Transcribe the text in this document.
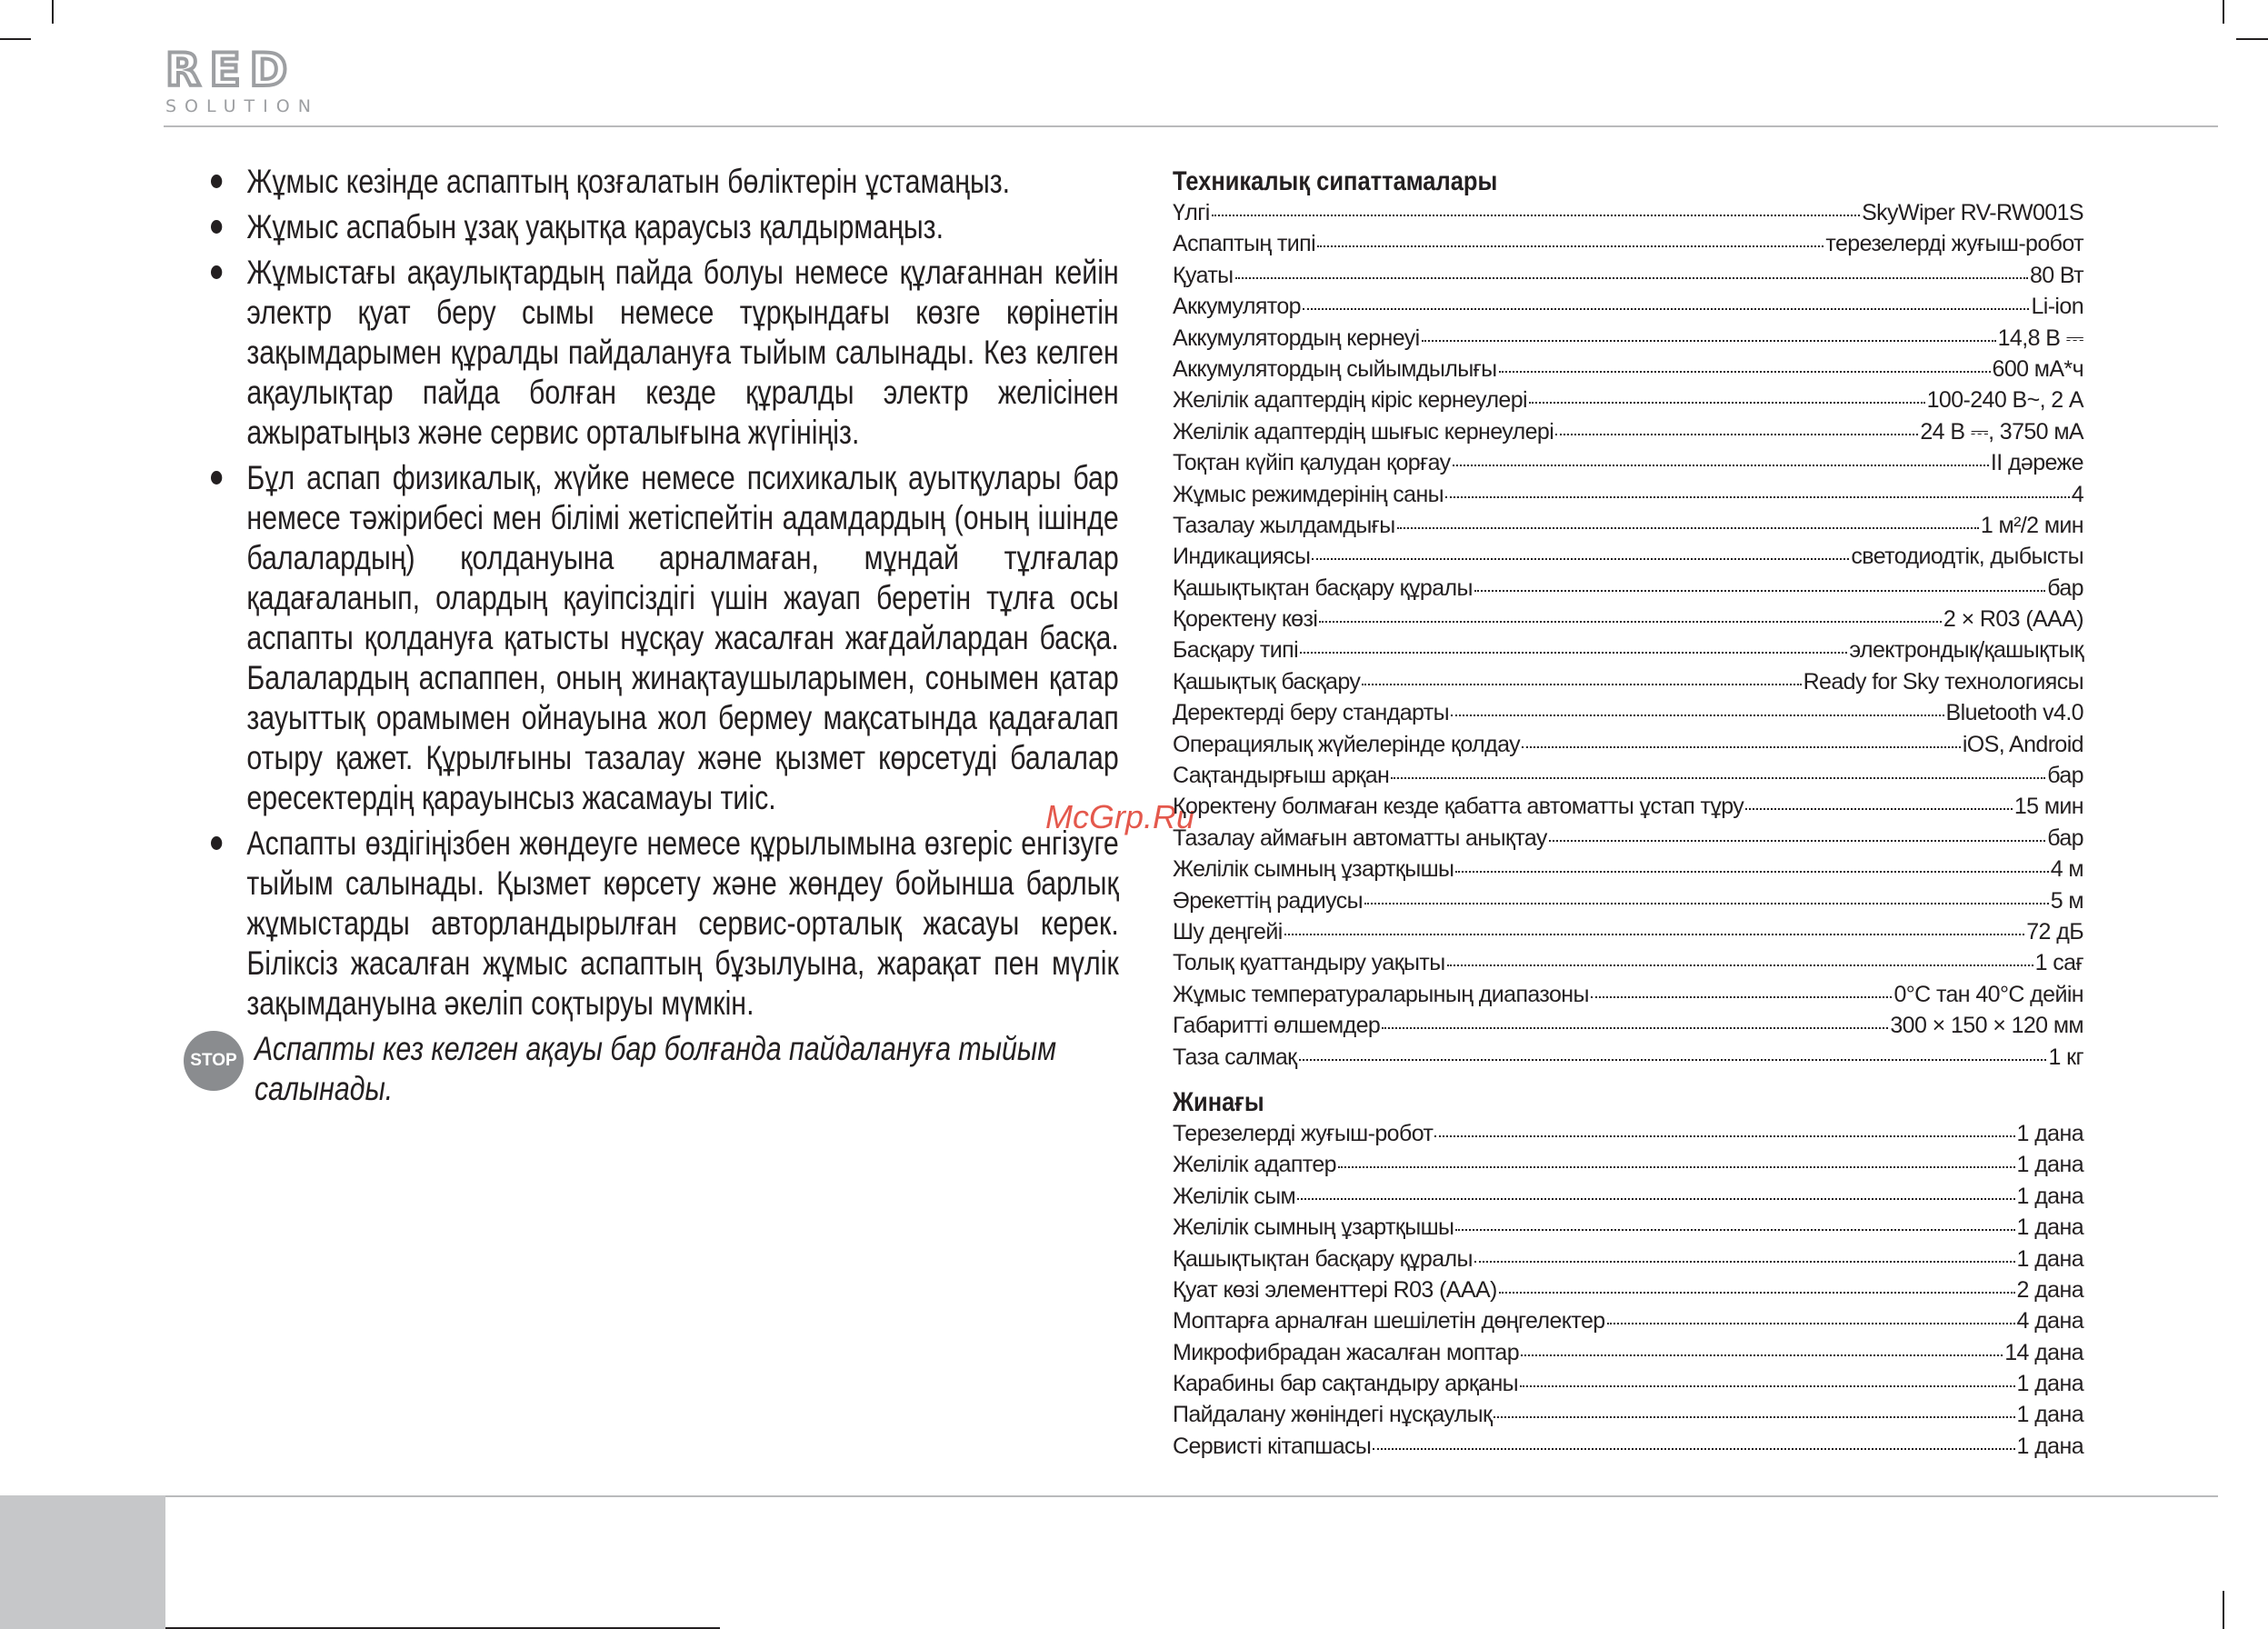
RED
SOLUTION
Жұмыс кезінде аспаптың қозғалатын бөліктерін ұстамаңыз.
Жұмыс аспабын ұзақ уақытқа қараусыз қалдырмаңыз.
Жұмыстағы ақаулықтардың пайда болуы немесе құлағаннан кейін электр қуат беру сымы немесе тұрқындағы көзге көрінетін зақымдарымен құралды пайдалануға тыйым салынады. Кез келген ақаулықтар пайда болған кезде құралды электр желісінен ажыратыңыз және сервис орталығына жүгініңіз.
Бұл аспап физикалық, жүйке немесе психикалық ауытқулары бар немесе тәжірибесі мен білімі жетіспейтін адамдардың (оның ішінде балалардың) қолдануына арналмаған, мұндай тұлғалар қадағаланып, олардың қауіпсіздігі үшін жауап беретін тұлға осы аспапты қолдануға қатысты нұсқау жасалған жағдайлардан басқа. Балалардың аспаппен, оның жинақтаушыларымен, сонымен қатар зауыттық орамымен ойнауына жол бермеу мақсатында қадағалап отыру қажет. Құрылғыны тазалау және қызмет көрсетуді балалар ересектердің қарауынсыз жасамауы тиіс.
Аспапты өздігіңізбен жөндеуге немесе құрылымына өзгеріс енгізуге тыйым салынады. Қызмет көрсету және жөндеу бойынша барлық жұмыстарды авторландырылған сервис-орталық жасауы керек. Біліксіз жасалған жұмыс аспаптың бұзылуына, жарақат пен мүлік зақымдануына әкеліп соқтыруы мүмкін.
STOP Аспапты кез келген ақауы бар болғанда пайдалануға тыйым салынады.
McGrp.Ru
Техникалық сипаттамалары
Үлгі	SkyWiper RV-RW001S
Аспаптың типі	терезелерді жуғыш-робот
Қуаты	80 Вт
Аккумулятор	Li-ion
Аккумулятордың кернеуі	14,8 В ⎓
Аккумулятордың сыйымдылығы	600 мА*ч
Желілік адаптердің кіріс кернеулері	100-240 В~, 2 А
Желілік адаптердің шығыс кернеулері	24 В ⎓, 3750 мА
Тоқтан күйіп қалудан қорғау	II дәреже
Жұмыс режимдерінің саны	4
Тазалау жылдамдығы	1 м²/2 мин
Индикациясы	светодиодтік, дыбысты
Қашықтықтан басқару құралы	бар
Қоректену көзі	2 × R03 (AAA)
Басқару типі	электрондық/қашықтық
Қашықтық басқару	Ready for Sky технологиясы
Деректерді беру стандарты	Bluetooth v4.0
Операциялық жүйелерінде қолдау	iOS, Android
Сақтандырғыш арқан	бар
Қоректену болмаған кезде қабатта автоматты ұстап тұру	15 мин
Тазалау аймағын автоматты анықтау	бар
Желілік сымның ұзартқышы	4 м
Әрекеттің радиусы	5 м
Шу деңгейі	72 дБ
Толық қуаттандыру уақыты	1 сағ
Жұмыс температураларының диапазоны	0°C тан 40°C дейін
Габаритті өлшемдер	300 × 150 × 120 мм
Таза салмақ	1 кг
Жинағы
Терезелерді жуғыш-робот	1 дана
Желілік адаптер	1 дана
Желілік сым	1 дана
Желілік сымның ұзартқышы	1 дана
Қашықтықтан басқару құралы	1 дана
Қуат көзі элементтері R03 (AAA)	2 дана
Моптарға арналған шешілетін дөңгелектер	4 дана
Микрофибрадан жасалған моптар	14 дана
Карабины бар сақтандыру арқаны	1 дана
Пайдалану жөніндегі нұсқаулық	1 дана
Сервисті кітапшасы	1 дана
